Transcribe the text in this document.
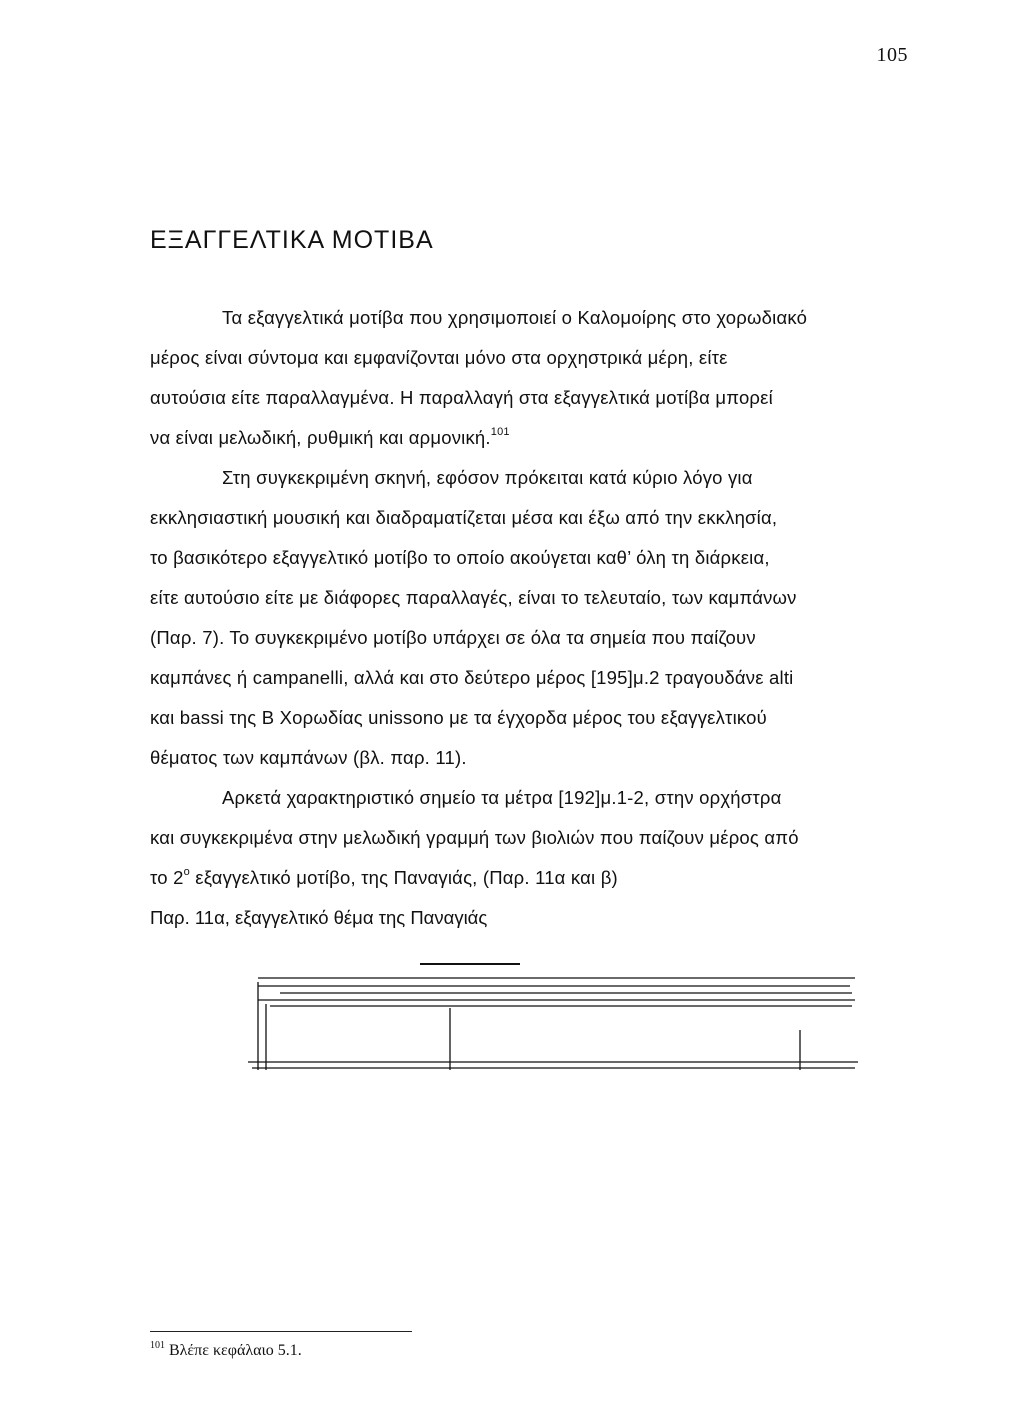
105
ΕΞΑΓΓΕΛΤΙΚΑ ΜΟΤΙΒΑ

Τα εξαγγελτικά μοτίβα που χρησιμοποιεί ο Καλομοίρης στο χορωδιακό
μέρος είναι σύντομα και εμφανίζονται μόνο στα ορχηστρικά μέρη, είτε
αυτούσια είτε παραλλαγμένα. Η παραλλαγή στα εξαγγελτικά μοτίβα μπορεί
να είναι μελωδική, ρυθμική και αρμονική.$^{101}$

Στη συγκεκριμένη σκηνή, εφόσον πρόκειται κατά κύριο λόγο για
εκκλησιαστική μουσική και διαδραματίζεται μέσα και έξω από την εκκλησία,
το βασικότερο εξαγγελτικό μοτίβο το οποίο ακούγεται καθ’ όλη τη διάρκεια,
είτε αυτούσιο είτε με διάφορες παραλλαγές, είναι το τελευταίο, των καμπάνων
(Παρ. 7). Το συγκεκριμένο μοτίβο υπάρχει σε όλα τα σημεία που παίζουν
καμπάνες ή campanelli, αλλά και στο δεύτερο μέρος [195]μ.2 τραγουδάνε alti
και bassi της Β Χορωδίας unissono με τα έγχορδα μέρος του εξαγγελτικού
θέματος των καμπάνων (βλ. παρ. 11).

Αρκετά χαρακτηριστικό σημείο τα μέτρα [192]μ.1-2, στην ορχήστρα
και συγκεκριμένα στην μελωδική γραμμή των βιολιών που παίζουν μέρος από
το $2^o$ εξαγγελτικό μοτίβο, της Παναγιάς, (Παρ. 11α και β)

Παρ. 11α, εξαγγελτικό θέμα της Παναγιάς
$^{101}$ Βλέπε κεφάλαιο 5.1.
